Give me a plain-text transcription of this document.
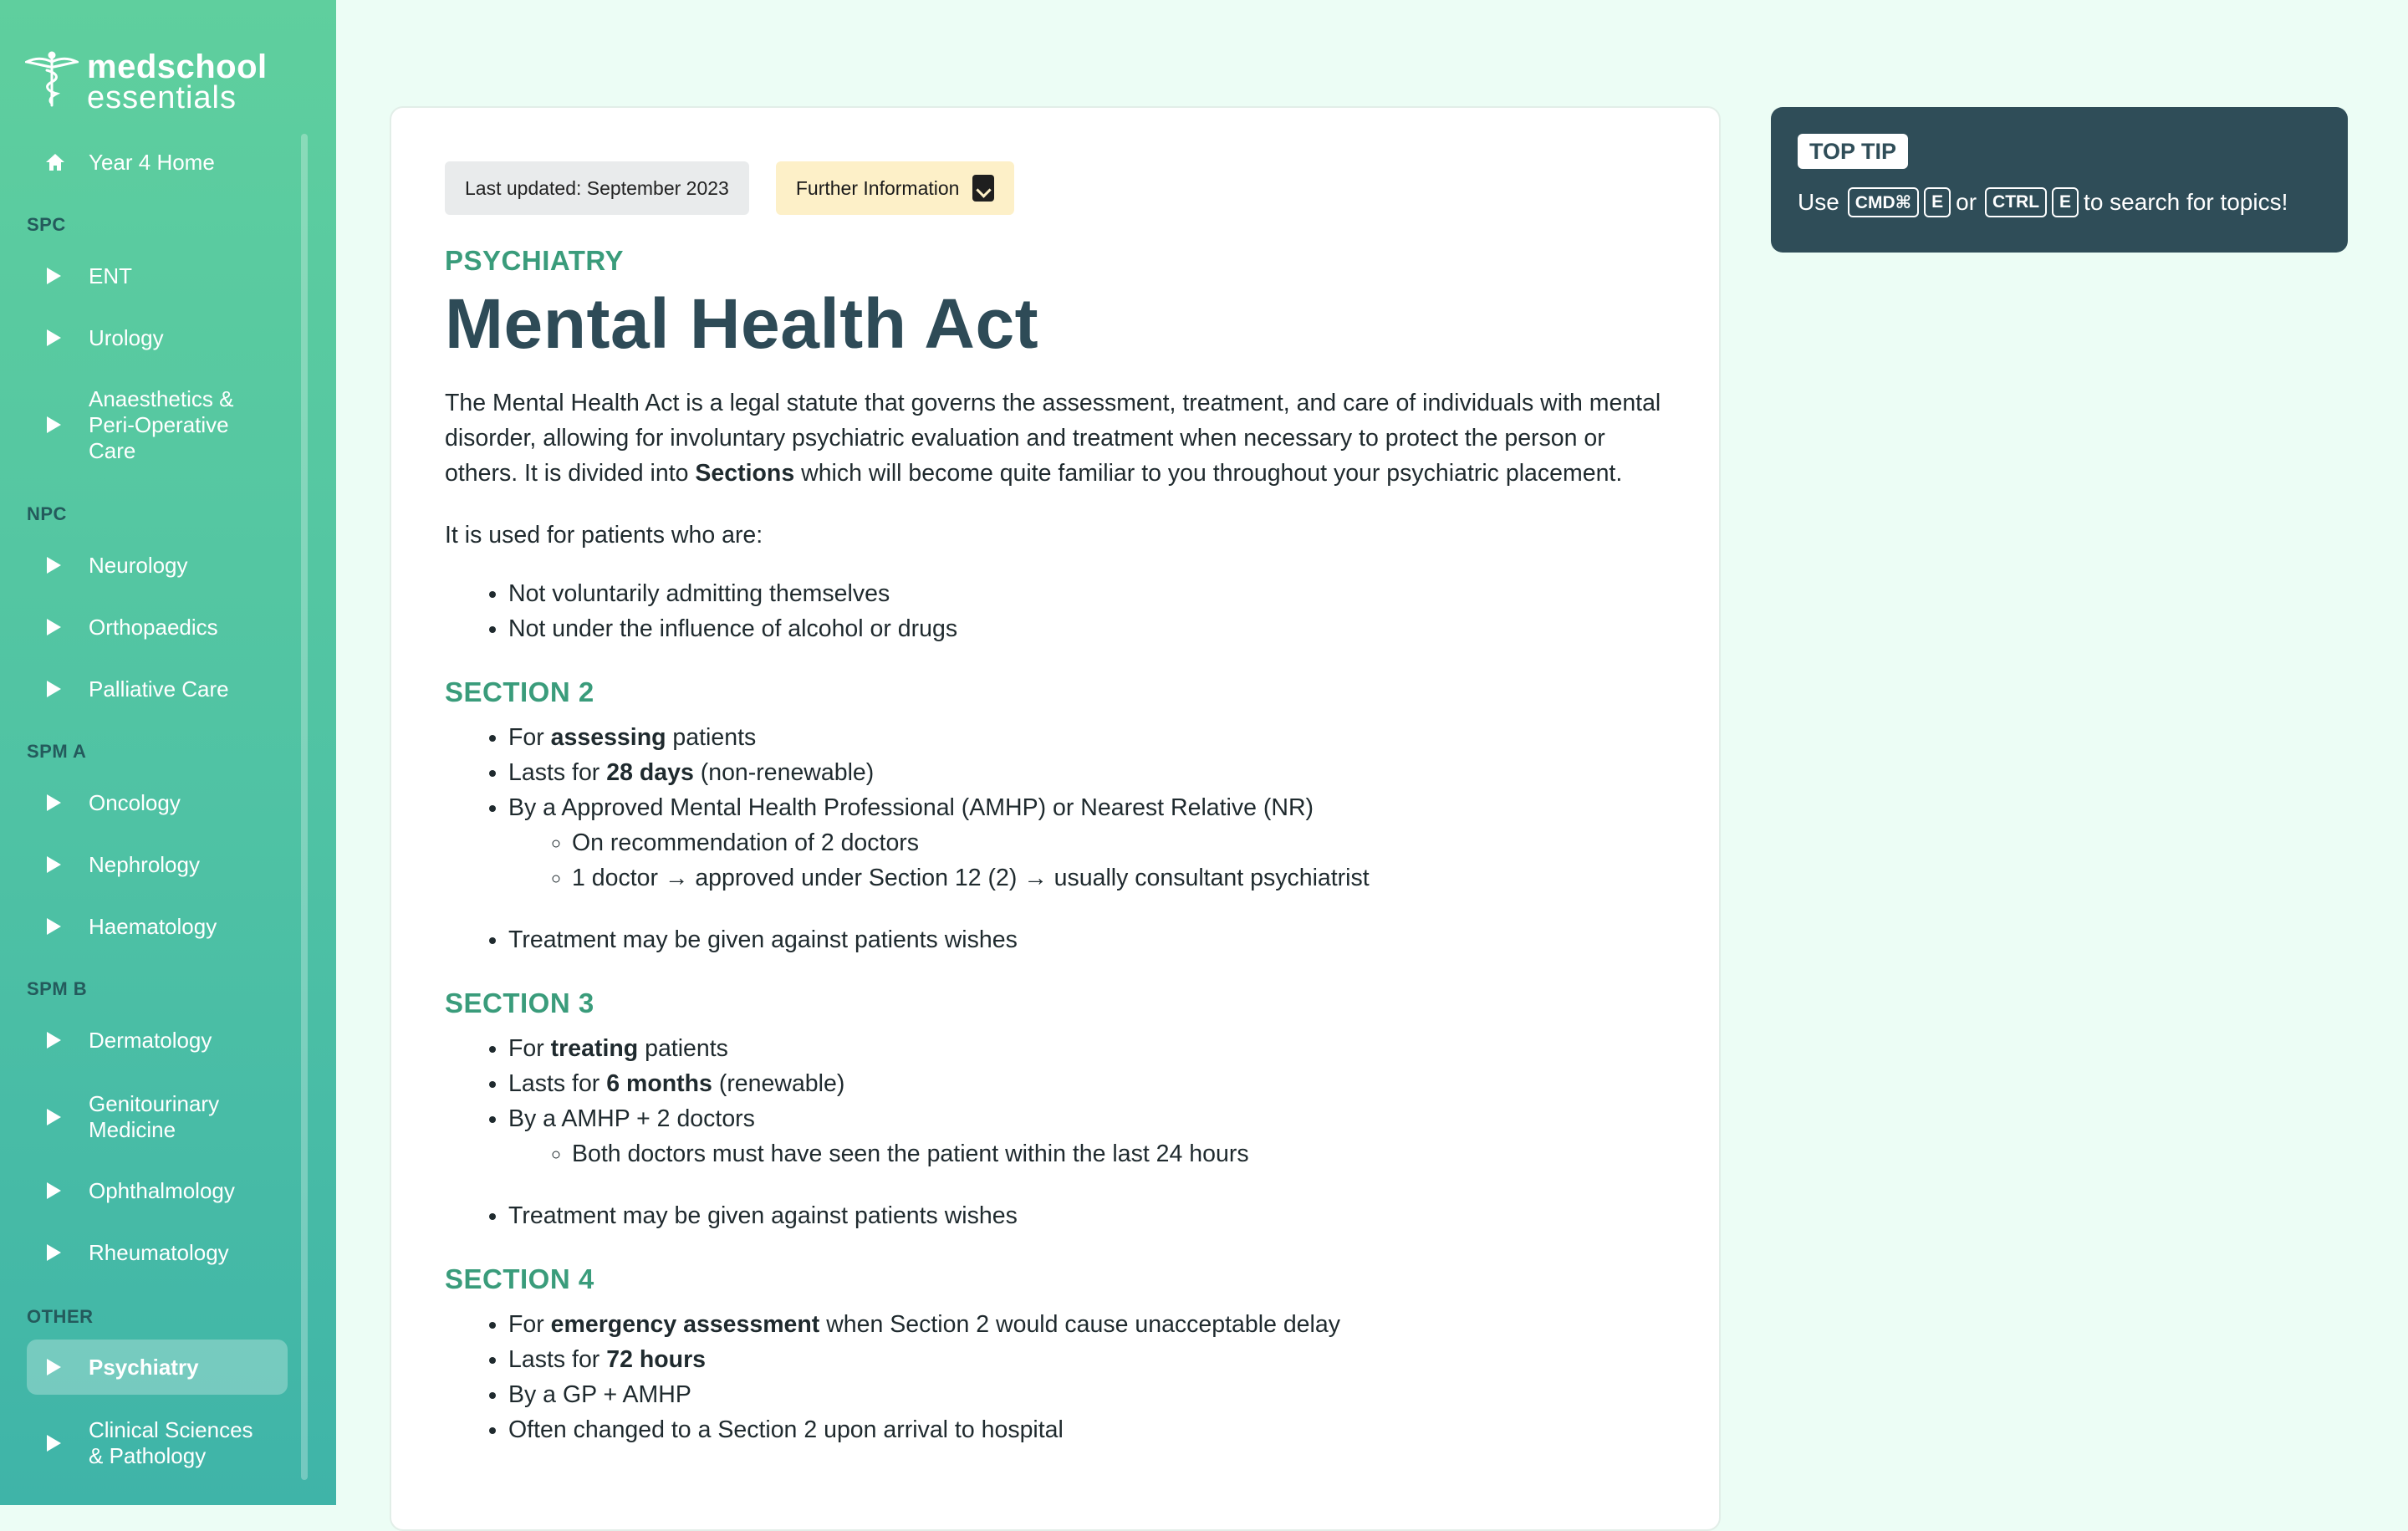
medschool
essentials
Year 4 Home
SPC
ENT
Urology
Anaesthetics & Peri-Operative Care
NPC
Neurology
Orthopaedics
Palliative Care
SPM A
Oncology
Nephrology
Haematology
SPM B
Dermatology
Genitourinary Medicine
Ophthalmology
Rheumatology
OTHER
Psychiatry
Clinical Sciences & Pathology
Last updated: September 2023	Further Information
PSYCHIATRY
Mental Health Act

The Mental Health Act is a legal statute that governs the assessment, treatment, and care of individuals with mental disorder, allowing for involuntary psychiatric evaluation and treatment when necessary to protect the person or others. It is divided into Sections which will become quite familiar to you throughout your psychiatric placement.

It is used for patients who are:

• Not voluntarily admitting themselves
• Not under the influence of alcohol or drugs
SECTION 2
• For assessing patients
• Lasts for 28 days (non-renewable)
• By a Approved Mental Health Professional (AMHP) or Nearest Relative (NR)
◦ On recommendation of 2 doctors
◦ 1 doctor → approved under Section 12 (2) → usually consultant psychiatrist
• Treatment may be given against patients wishes
SECTION 3
• For treating patients
• Lasts for 6 months (renewable)
• By a AMHP + 2 doctors
◦ Both doctors must have seen the patient within the last 24 hours
• Treatment may be given against patients wishes
SECTION 4
• For emergency assessment when Section 2 would cause unacceptable delay
• Lasts for 72 hours
• By a GP + AMHP
• Often changed to a Section 2 upon arrival to hospital
TOP TIP
Use CMD⌘	E or CTRL	E to search for topics!
